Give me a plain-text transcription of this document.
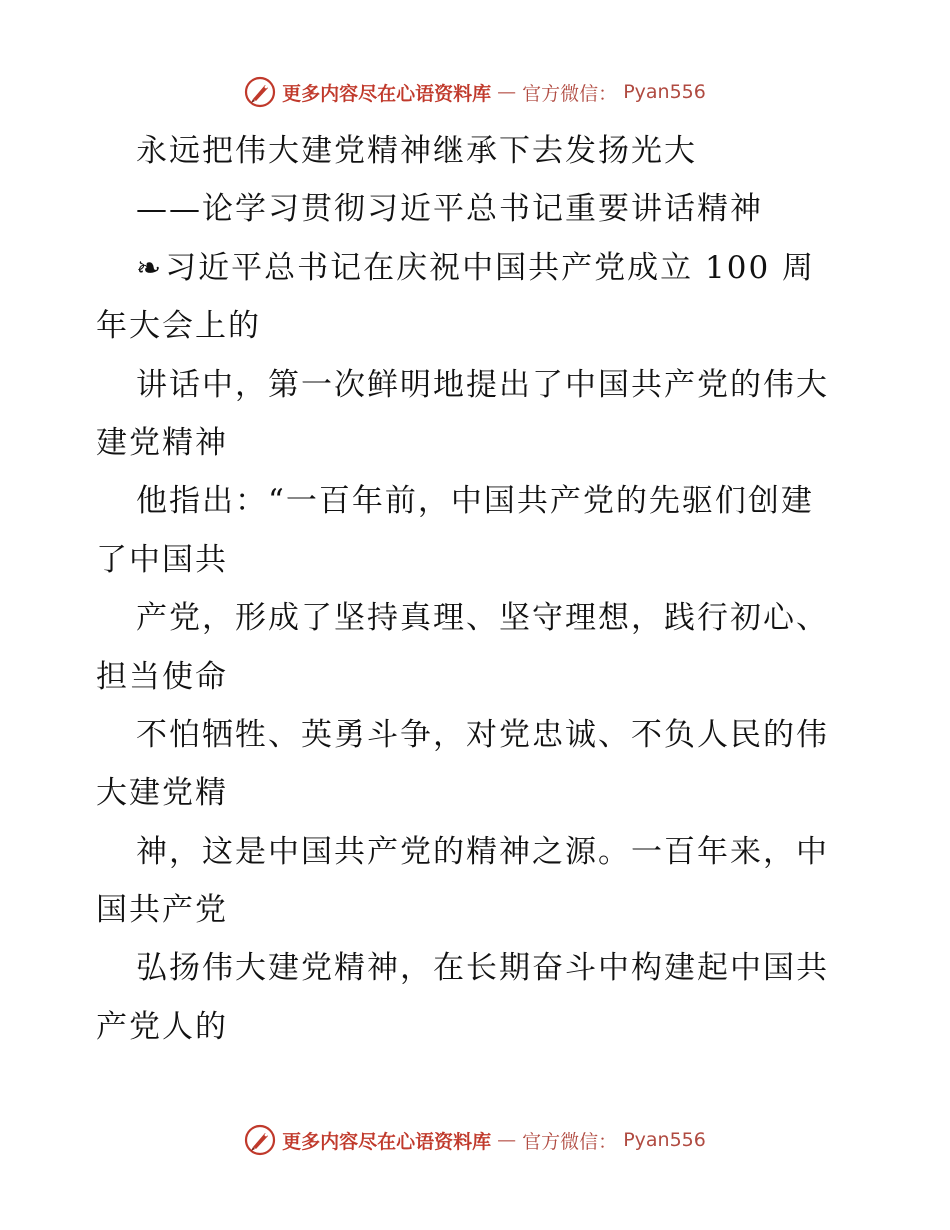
更多内容尽在心语资料库 — 官方微信： Pyan556
永远把伟大建党精神继承下去发扬光大
——论学习贯彻习近平总书记重要讲话精神
❧习近平总书记在庆祝中国共产党成立 100 周
年大会上的
讲话中，第一次鲜明地提出了中国共产党的伟大
建党精神
他指出：“一百年前，中国共产党的先驱们创建
了中国共
产党，形成了坚持真理、坚守理想，践行初心、
担当使命
不怕牺牲、英勇斗争，对党忠诚、不负人民的伟
大建党精
神，这是中国共产党的精神之源。一百年来，中
国共产党
弘扬伟大建党精神，在长期奋斗中构建起中国共
产党人的
更多内容尽在心语资料库 — 官方微信： Pyan556
